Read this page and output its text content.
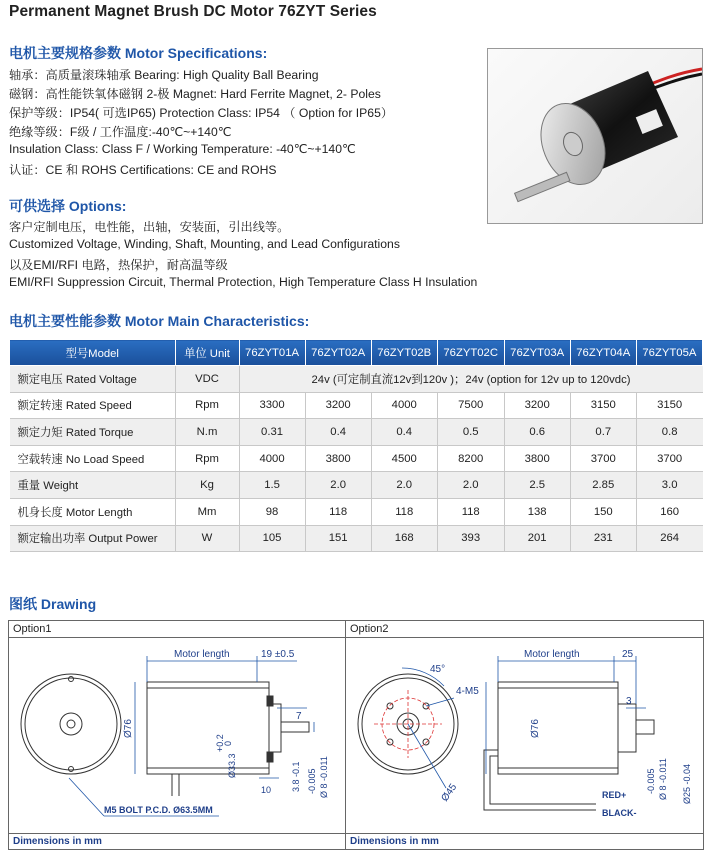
Permanent Magnet Brush DC Motor 76ZYT Series
电机主要规格参数 Motor Specifications:
轴承：高质量滚珠轴承 Bearing: High Quality Ball Bearing
磁钢：高性能铁氧体磁钢 2-极 Magnet: Hard Ferrite Magnet, 2- Poles
保护等级：IP54( 可选IP65) Protection Class: IP54 （ Option for IP65）
绝缘等级：F级 / 工作温度:-40℃~+140℃
Insulation Class: Class F / Working Temperature: -40℃~+140℃
认证：CE 和 ROHS Certifications: CE and ROHS
可供选择 Options:
客户定制电压，电性能，出轴，安装面，引出线等。
Customized Voltage, Winding, Shaft, Mounting, and Lead Configurations
以及EMI/RFI 电路，热保护，耐高温等级
EMI/RFI Suppression Circuit, Thermal Protection, High Temperature Class H Insulation
电机主要性能参数 Motor Main Characteristics:
型号Model	单位 Unit	76ZYT01A	76ZYT02A	76ZYT02B	76ZYT02C	76ZYT03A	76ZYT04A	76ZYT05A
额定电压 Rated Voltage	VDC	24v (可定制直流12v到120v )；24v (option for 12v up to 120vdc)						
额定转速 Rated Speed	Rpm	3300	3200	4000	7500	3200	3150	3150
额定力矩 Rated Torque	N.m	0.31	0.4	0.4	0.5	0.6	0.7	0.8
空载转速 No Load Speed	Rpm	4000	3800	4500	8200	3800	3700	3700
重量 Weight	Kg	1.5	2.0	2.0	2.0	2.5	2.85	3.0
机身长度 Motor Length	Mm	98	118	118	118	138	150	160
额定输出功率 Output Power	W	105	151	168	393	201	231	264
图纸 Drawing
Option1
Motor length	19 ±0.5
7
Ø76
+0.2
0
Ø33.3	3.8 -0.1 -0.005 Ø 8 -0.011
10
M5 BOLT P.C.D. Ø63.5MM
Dimensions in mm
Option2
Motor length	25
3
45°
4-M5
Ø45
Ø76
-0.005 Ø 8 -0.011 Ø25 -0.04
RED+
BLACK-
Dimensions in mm
